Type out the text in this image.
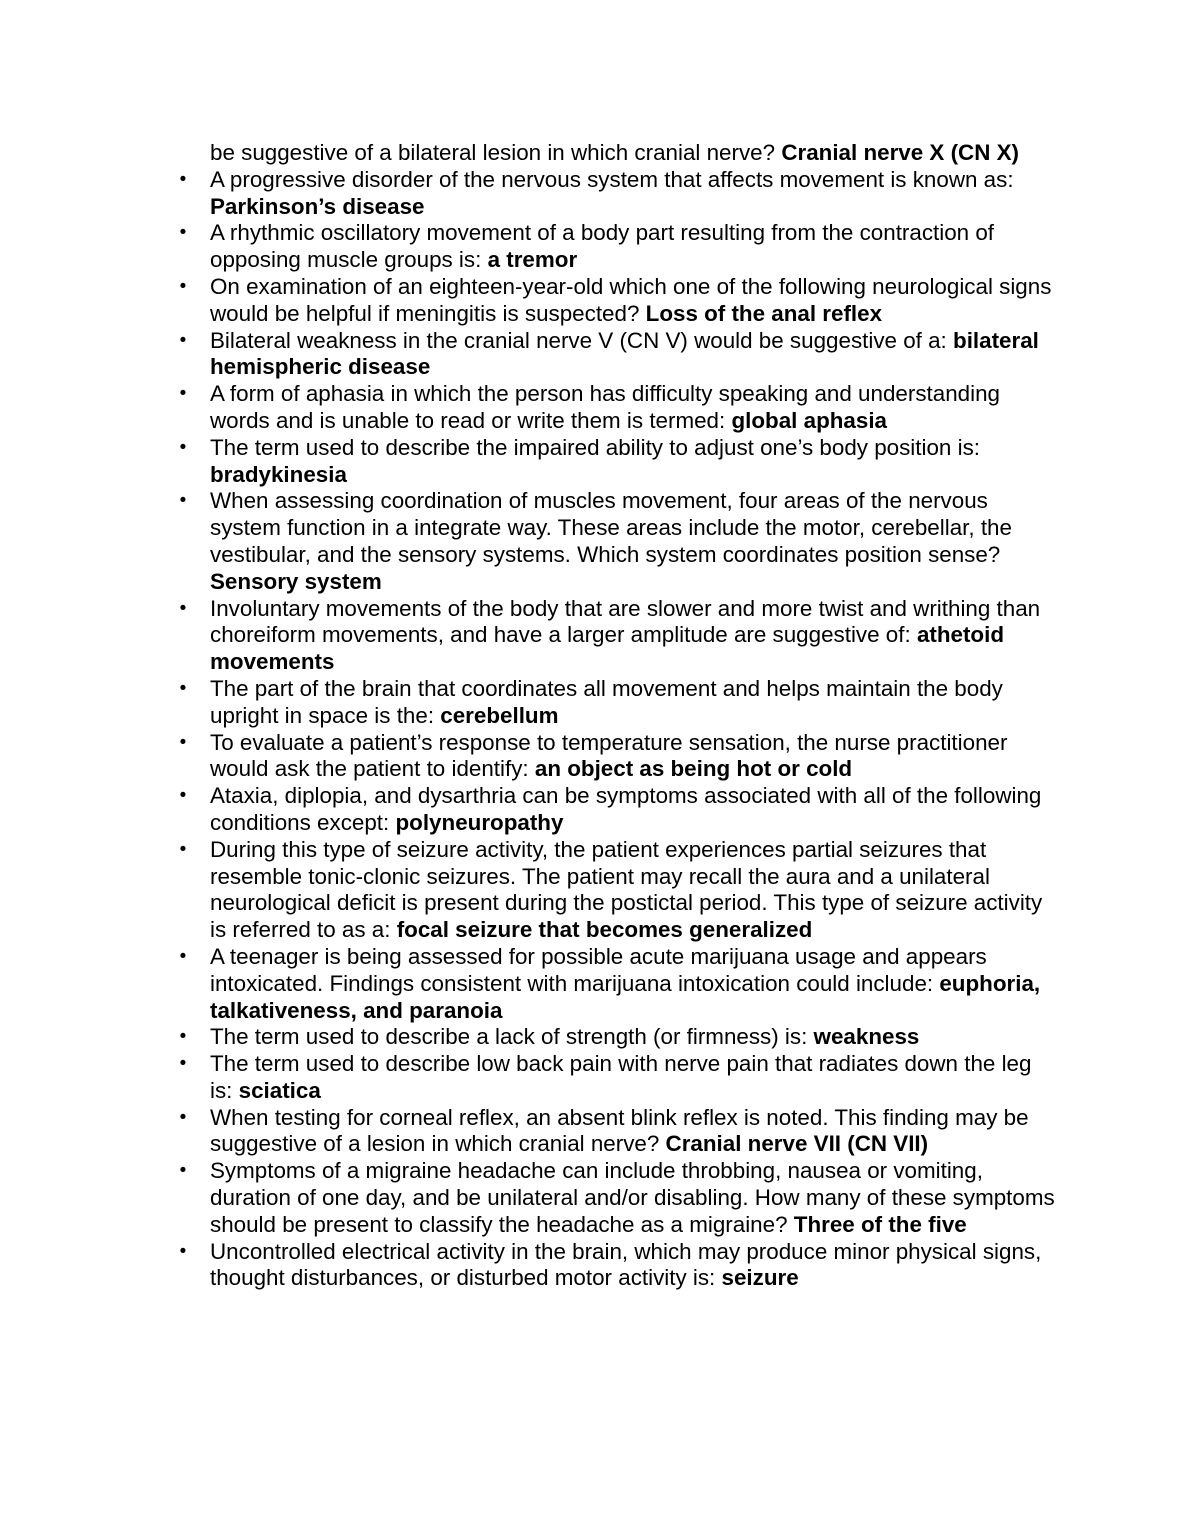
be suggestive of a bilateral lesion in which cranial nerve? Cranial nerve X (CN X)

• A progressive disorder of the nervous system that affects movement is known as: Parkinson’s disease
• A rhythmic oscillatory movement of a body part resulting from the contraction of opposing muscle groups is: a tremor
• On examination of an eighteen-year-old which one of the following neurological signs would be helpful if meningitis is suspected? Loss of the anal reflex
• Bilateral weakness in the cranial nerve V (CN V) would be suggestive of a: bilateral hemispheric disease
• A form of aphasia in which the person has difficulty speaking and understanding words and is unable to read or write them is termed: global aphasia
• The term used to describe the impaired ability to adjust one’s body position is: bradykinesia
• When assessing coordination of muscles movement, four areas of the nervous system function in a integrate way. These areas include the motor, cerebellar, the vestibular, and the sensory systems. Which system coordinates position sense? Sensory system
• Involuntary movements of the body that are slower and more twist and writhing than choreiform movements, and have a larger amplitude are suggestive of: athetoid movements
• The part of the brain that coordinates all movement and helps maintain the body upright in space is the: cerebellum
• To evaluate a patient’s response to temperature sensation, the nurse practitioner would ask the patient to identify: an object as being hot or cold
• Ataxia, diplopia, and dysarthria can be symptoms associated with all of the following conditions except: polyneuropathy
• During this type of seizure activity, the patient experiences partial seizures that resemble tonic-clonic seizures. The patient may recall the aura and a unilateral neurological deficit is present during the postictal period. This type of seizure activity is referred to as a: focal seizure that becomes generalized
• A teenager is being assessed for possible acute marijuana usage and appears intoxicated. Findings consistent with marijuana intoxication could include: euphoria, talkativeness, and paranoia
• The term used to describe a lack of strength (or firmness) is: weakness
• The term used to describe low back pain with nerve pain that radiates down the leg is: sciatica
• When testing for corneal reflex, an absent blink reflex is noted. This finding may be suggestive of a lesion in which cranial nerve? Cranial nerve VII (CN VII)
• Symptoms of a migraine headache can include throbbing, nausea or vomiting, duration of one day, and be unilateral and/or disabling. How many of these symptoms should be present to classify the headache as a migraine? Three of the five
• Uncontrolled electrical activity in the brain, which may produce minor physical signs, thought disturbances, or disturbed motor activity is: seizure
